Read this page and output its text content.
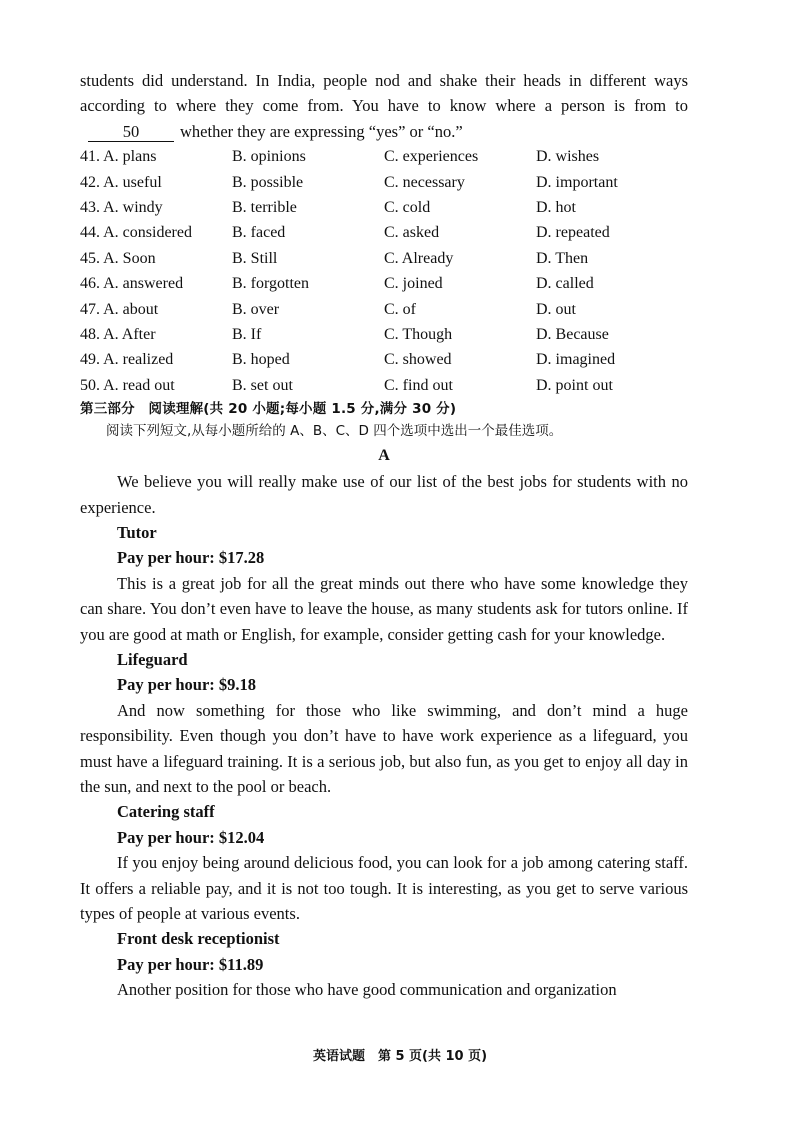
students did understand. In India, people nod and shake their heads in different ways according to where they come from. You have to know where a person is from to50 whether they are expressing “yes” or “no.”

41. A. plans	B. opinions	C. experiences	D. wishes
42. A. useful	B. possible	C. necessary	D. important
43. A. windy	B. terrible	C. cold	D. hot
44. A. considered	B. faced	C. asked	D. repeated
45. A. Soon	B. Still	C. Already	D. Then
46. A. answered	B. forgotten	C. joined	D. called
47. A. about	B. over	C. of	D. out
48. A. After	B. If	C. Though	D. Because
49. A. realized	B. hoped	C. showed	D. imagined
50. A. read out	B. set out	C. find out	D. point out

第三部分　阅读理解(共 20 小题;每小题 1.5 分,满分 30 分)

阅读下列短文,从每小题所给的 A、B、C、D 四个选项中选出一个最佳选项。

A

We believe you will really make use of our list of the best jobs for students with no experience.

Tutor

Pay per hour: $17.28

This is a great job for all the great minds out there who have some knowledge they can share. You don’t even have to leave the house, as many students ask for tutors online. If you are good at math or English, for example, consider getting cash for your knowledge.

Lifeguard

Pay per hour: $9.18

And now something for those who like swimming, and don’t mind a huge responsibility. Even though you don’t have to have work experience as a lifeguard, you must have a lifeguard training. It is a serious job, but also fun, as you get to enjoy all day in the sun, and next to the pool or beach.

Catering staff

Pay per hour: $12.04

If you enjoy being around delicious food, you can look for a job among catering staff. It offers a reliable pay, and it is not too tough. It is interesting, as you get to serve various types of people at various events.

Front desk receptionist

Pay per hour: $11.89

Another position for those who have good communication and organization

英语试题　第 5 页(共 10 页)
